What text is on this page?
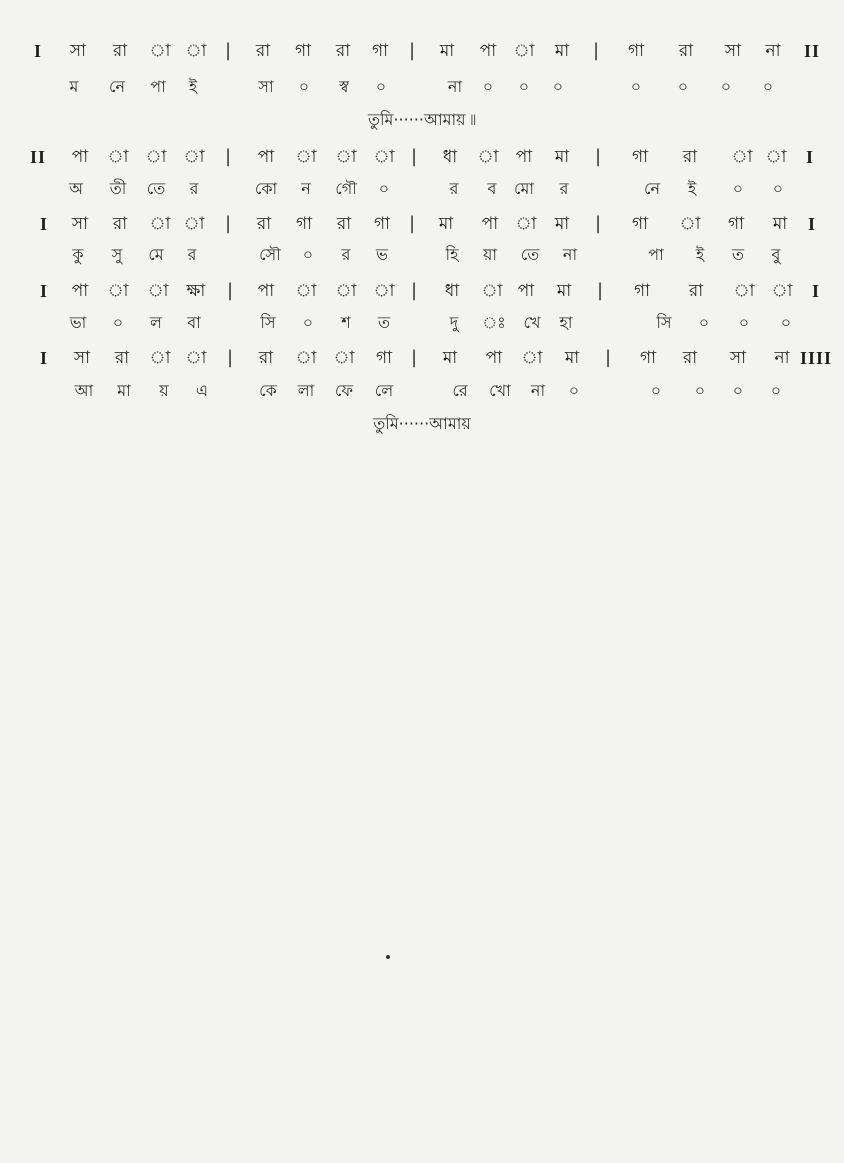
I সা রা া া | রা গা রা গা | মা পা া মা | গা রা সা না II
ম নে পা ই	সা ০ স্ব ০	না ০ ০ ০	০ ০ ০ ০
তুমি······আমায় ৷৷
II পা া া া | পা া া া | ধা া পা মা | গা রা া া I
অ তী তে র	কো ন গৌ ০	র ব মো র	নে ই ০ ০
I সা রা া া | রা গা রা গা | মা পা া মা | গা া গা মা I
কু সু মে র	সৌ ০ র ভ	হি য়া তে না	পা ই ত বু
I পা া া ক্ষা | পা া া া | ধা া পা মা | গা রা া া I
ভা ০ ল বা	সি ০ শ ত	দু ঃ খে হা	সি ০ ০ ০
I সা রা া া | রা া া গা | মা পা া মা | গা রা সা না IIII
আ মা য় এ	কে লা ফে লে	রে খো না ০	০ ০ ০ ০
তুমি······আমায়
